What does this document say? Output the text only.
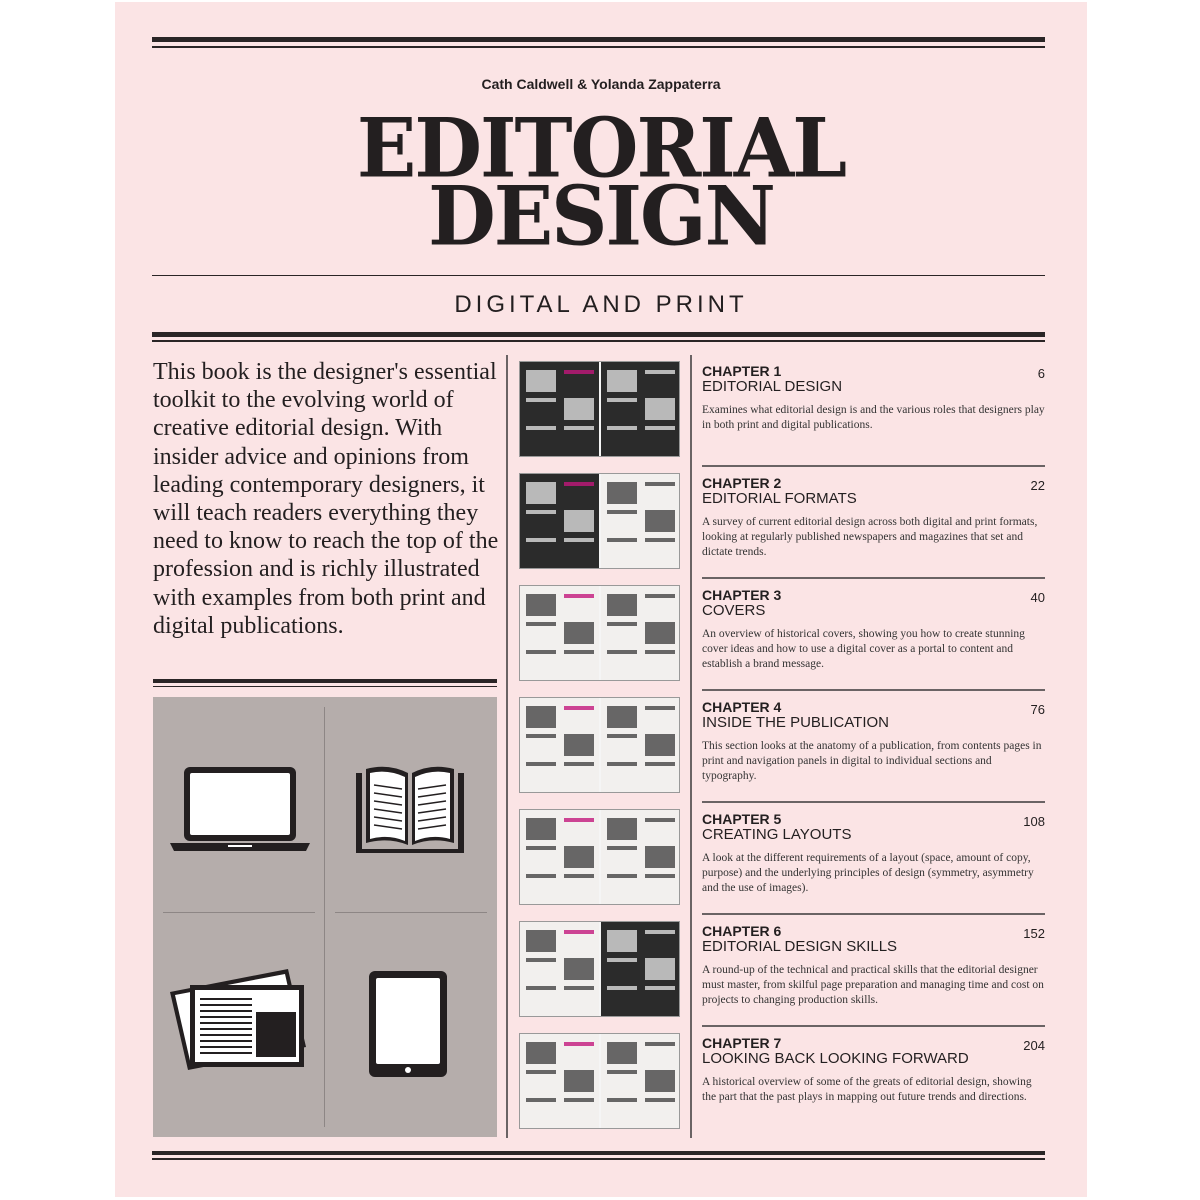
Cath Caldwell & Yolanda Zappaterra
EDITORIAL
DESIGN
DIGITAL AND PRINT
This book is the designer's essential toolkit to the evolving world of creative editorial design. With insider advice and opinions from leading contemporary designers, it will teach readers everything they need to know to reach the top of the profession and is richly illustrated with examples from both print and digital publications.
CHAPTER 1	6
EDITORIAL DESIGN
Examines what editorial design is and the various roles that designers play in both print and digital publications.
CHAPTER 2	22
EDITORIAL FORMATS
A survey of current editorial design across both digital and print formats, looking at regularly published newspapers and magazines that set and dictate trends.
CHAPTER 3	40
COVERS
An overview of historical covers, showing you how to create stunning cover ideas and how to use a digital cover as a portal to content and establish a brand message.
CHAPTER 4	76
INSIDE THE PUBLICATION
This section looks at the anatomy of a publication, from contents pages in print and navigation panels in digital to individual sections and typography.
CHAPTER 5	108
CREATING LAYOUTS
A look at the different requirements of a layout (space, amount of copy, purpose) and the underlying principles of design (symmetry, asymmetry and the use of images).
CHAPTER 6	152
EDITORIAL DESIGN SKILLS
A round-up of the technical and practical skills that the editorial designer must master, from skilful page preparation and managing time and cost on projects to changing production skills.
CHAPTER 7	204
LOOKING BACK LOOKING FORWARD
A historical overview of some of the greats of editorial design, showing the part that the past plays in mapping out future trends and directions.
